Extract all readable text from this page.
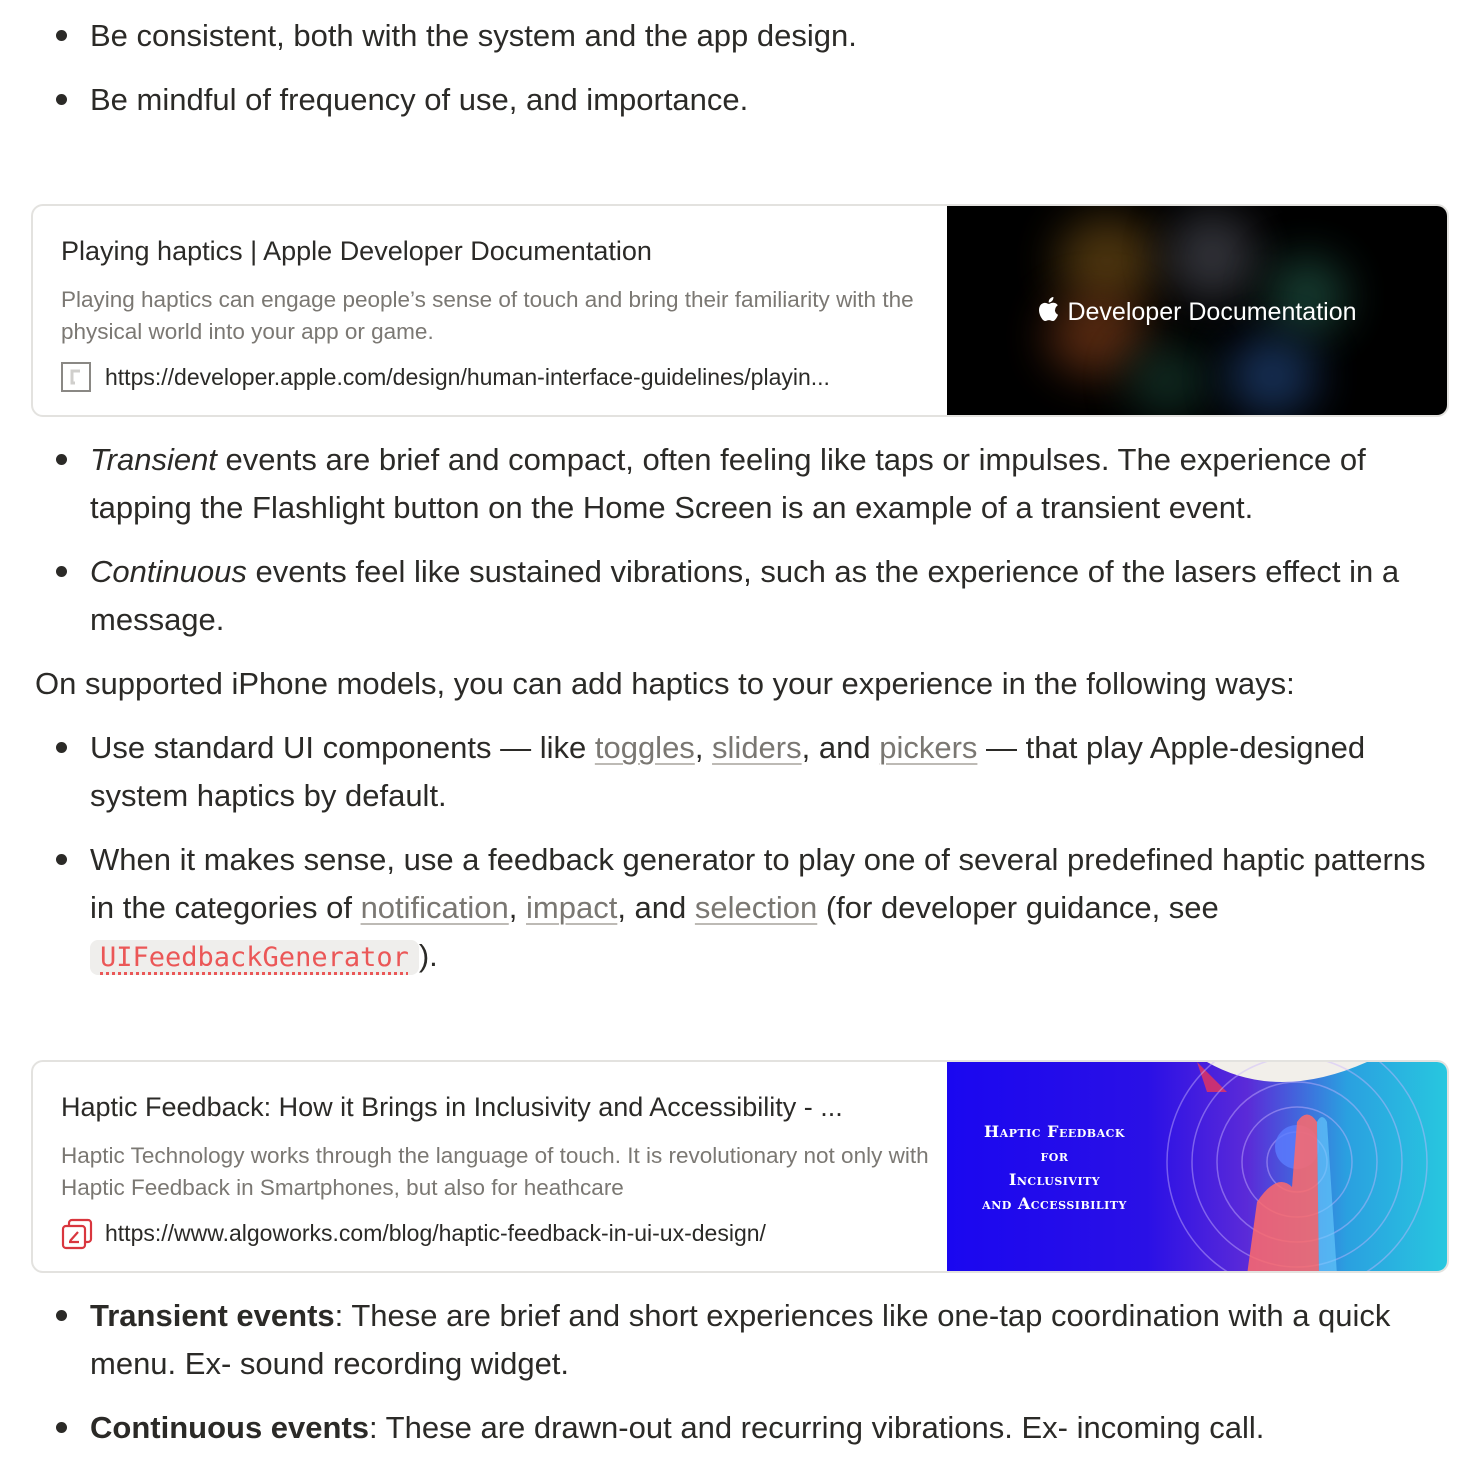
Be consistent, both with the system and the app design.
Be mindful of frequency of use, and importance.
Playing haptics | Apple Developer Documentation
Playing haptics can engage people’s sense of touch and bring their familiarity with the physical world into your app or game.
https://developer.apple.com/design/human-interface-guidelines/playin...
Developer Documentation
Transient events are brief and compact, often feeling like taps or impulses. The experience of tapping the Flashlight button on the Home Screen is an example of a transient event.
Continuous events feel like sustained vibrations, such as the experience of the lasers effect in a message.
On supported iPhone models, you can add haptics to your experience in the following ways:
Use standard UI components — like toggles, sliders, and pickers — that play Apple-designed system haptics by default.
When it makes sense, use a feedback generator to play one of several predefined haptic patterns in the categories of notification, impact, and selection (for developer guidance, see UIFeedbackGenerator ).
Haptic Feedback: How it Brings in Inclusivity and Accessibility - ...
Haptic Technology works through the language of touch. It is revolutionary not only with Haptic Feedback in Smartphones, but also for heathcare
https://www.algoworks.com/blog/haptic-feedback-in-ui-ux-design/
Haptic Feedback
for
Inclusivity
and Accessibility
Transient events: These are brief and short experiences like one-tap coordination with a quick menu. Ex- sound recording widget.
Continuous events: These are drawn-out and recurring vibrations. Ex- incoming call.
